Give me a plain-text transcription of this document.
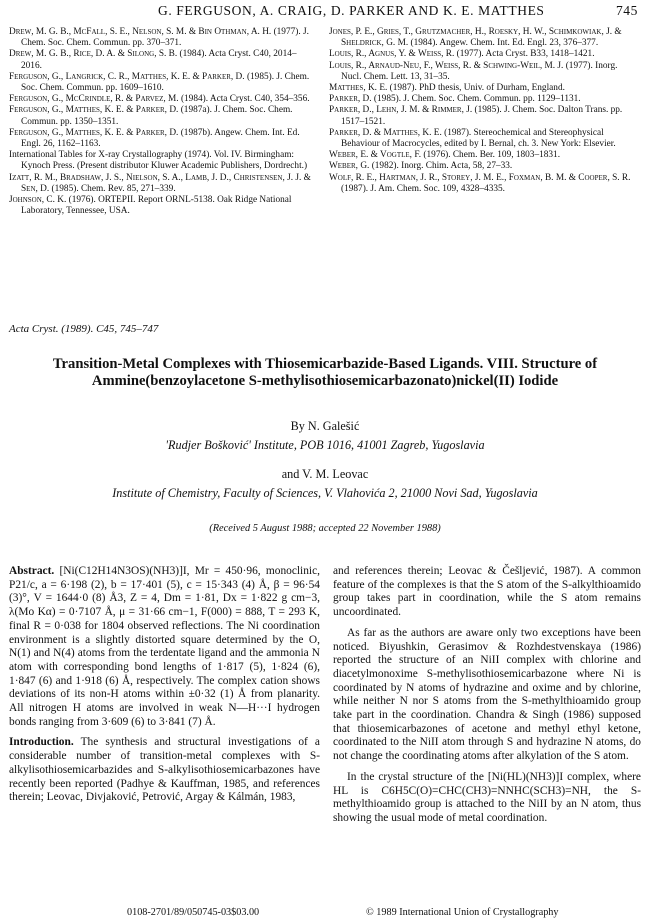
G. FERGUSON, A. CRAIG, D. PARKER AND K. E. MATTHES	745

Drew, M. G. B., McFall, S. E., Nelson, S. M. & Bin Othman, A. H. (1977). J. Chem. Soc. Chem. Commun. pp. 370–371.

Drew, M. G. B., Rice, D. A. & Silong, S. B. (1984). Acta Cryst. C40, 2014–2016.

Ferguson, G., Langrick, C. R., Matthes, K. E. & Parker, D. (1985). J. Chem. Soc. Chem. Commun. pp. 1609–1610.

Ferguson, G., McCrindle, R. & Parvez, M. (1984). Acta Cryst. C40, 354–356.

Ferguson, G., Matthes, K. E. & Parker, D. (1987a). J. Chem. Soc. Chem. Commun. pp. 1350–1351.

Ferguson, G., Matthes, K. E. & Parker, D. (1987b). Angew. Chem. Int. Ed. Engl. 26, 1162–1163.

International Tables for X-ray Crystallography (1974). Vol. IV. Birmingham: Kynoch Press. (Present distributor Kluwer Academic Publishers, Dordrecht.)

Izatt, R. M., Bradshaw, J. S., Nielson, S. A., Lamb, J. D., Christensen, J. J. & Sen, D. (1985). Chem. Rev. 85, 271–339.

Johnson, C. K. (1976). ORTEPII. Report ORNL-5138. Oak Ridge National Laboratory, Tennessee, USA.

Jones, P. E., Gries, T., Grutzmacher, H., Roesky, H. W., Schimkowiak, J. & Sheldrick, G. M. (1984). Angew. Chem. Int. Ed. Engl. 23, 376–377.

Louis, R., Agnus, Y. & Weiss, R. (1977). Acta Cryst. B33, 1418–1421.

Louis, R., Arnaud-Neu, F., Weiss, R. & Schwing-Weil, M. J. (1977). Inorg. Nucl. Chem. Lett. 13, 31–35.

Matthes, K. E. (1987). PhD thesis, Univ. of Durham, England.

Parker, D. (1985). J. Chem. Soc. Chem. Commun. pp. 1129–1131.

Parker, D., Lehn, J. M. & Rimmer, J. (1985). J. Chem. Soc. Dalton Trans. pp. 1517–1521.

Parker, D. & Matthes, K. E. (1987). Stereochemical and Stereophysical Behaviour of Macrocycles, edited by I. Bernal, ch. 3. New York: Elsevier.

Weber, E. & Vogtle, F. (1976). Chem. Ber. 109, 1803–1831.

Weber, G. (1982). Inorg. Chim. Acta, 58, 27–33.

Wolf, R. E., Hartman, J. R., Storey, J. M. E., Foxman, B. M. & Cooper, S. R. (1987). J. Am. Chem. Soc. 109, 4328–4335.

Acta Cryst. (1989). C45, 745–747
Transition-Metal Complexes with Thiosemicarbazide-Based Ligands. VIII. Structure of
Ammine(benzoylacetone S-methylisothiosemicarbazonato)nickel(II) Iodide
By N. Galešić
'Rudjer Bošković' Institute, POB 1016, 41001 Zagreb, Yugoslavia
and V. M. Leovac
Institute of Chemistry, Faculty of Sciences, V. Vlahovića 2, 21000 Novi Sad, Yugoslavia
(Received 5 August 1988; accepted 22 November 1988)

Abstract. [Ni(C12H14N3OS)(NH3)]I, Mr = 450·96, monoclinic, P21/c, a = 6·198 (2), b = 17·401 (5), c = 15·343 (4) Å, β = 96·54 (3)°, V = 1644·0 (8) Å3, Z = 4, Dm = 1·81, Dx = 1·822 g cm−3, λ(Mo Kα) = 0·7107 Å, μ = 31·66 cm−1, F(000) = 888, T = 293 K, final R = 0·038 for 1804 observed reflections. The Ni coordination environment is a slightly distorted square determined by the O, N(1) and N(4) atoms from the terdentate ligand and the ammonia N atom with corresponding bond lengths of 1·817 (5), 1·824 (6), 1·847 (6) and 1·918 (6) Å, respectively. The complex cation shows deviations of its non-H atoms within ±0·32 (1) Å from planarity. All nitrogen H atoms are involved in weak N—H···I hydrogen bonds ranging from 3·609 (6) to 3·841 (7) Å.

Introduction. The synthesis and structural investigations of a considerable number of transition-metal complexes with S-alkylisothiosemicarbazides and S-alkylisothiosemicarbazones have recently been reported (Padhye & Kauffman, 1985, and references therein; Leovac, Divjaković, Petrović, Argay & Kálmán, 1983,

and references therein; Leovac & Češljević, 1987). A common feature of the complexes is that the S atom of the S-alkylthioamido group takes part in coordination, while the S atom remains uncoordinated.

As far as the authors are aware only two exceptions have been noticed. Biyushkin, Gerasimov & Rozhdestvenskaya (1986) reported the structure of an NiII complex with chlorine and diacetylmonoxime S-methylisothiosemicarbazone where Ni is coordinated by N atoms of hydrazine and oxime and by chlorine, while neither N nor S atoms from the S-methylthioamido group take part in the coordination. Chandra & Singh (1986) supposed that thiosemicarbazones of acetone and methyl ethyl ketone, coordinated to the NiII atom through S and hydrazine N atoms, do not change the coordinating atoms after alkylation of the S atom.

In the crystal structure of the [Ni(HL)(NH3)]I complex, where HL is C6H5C(O)=CHC(CH3)=NNHC(SCH3)=NH, the S-methylthioamido group is attached to the NiII by an N atom, thus showing the usual mode of metal coordination.

0108-2701/89/050745-03$03.00	© 1989 International Union of Crystallography
